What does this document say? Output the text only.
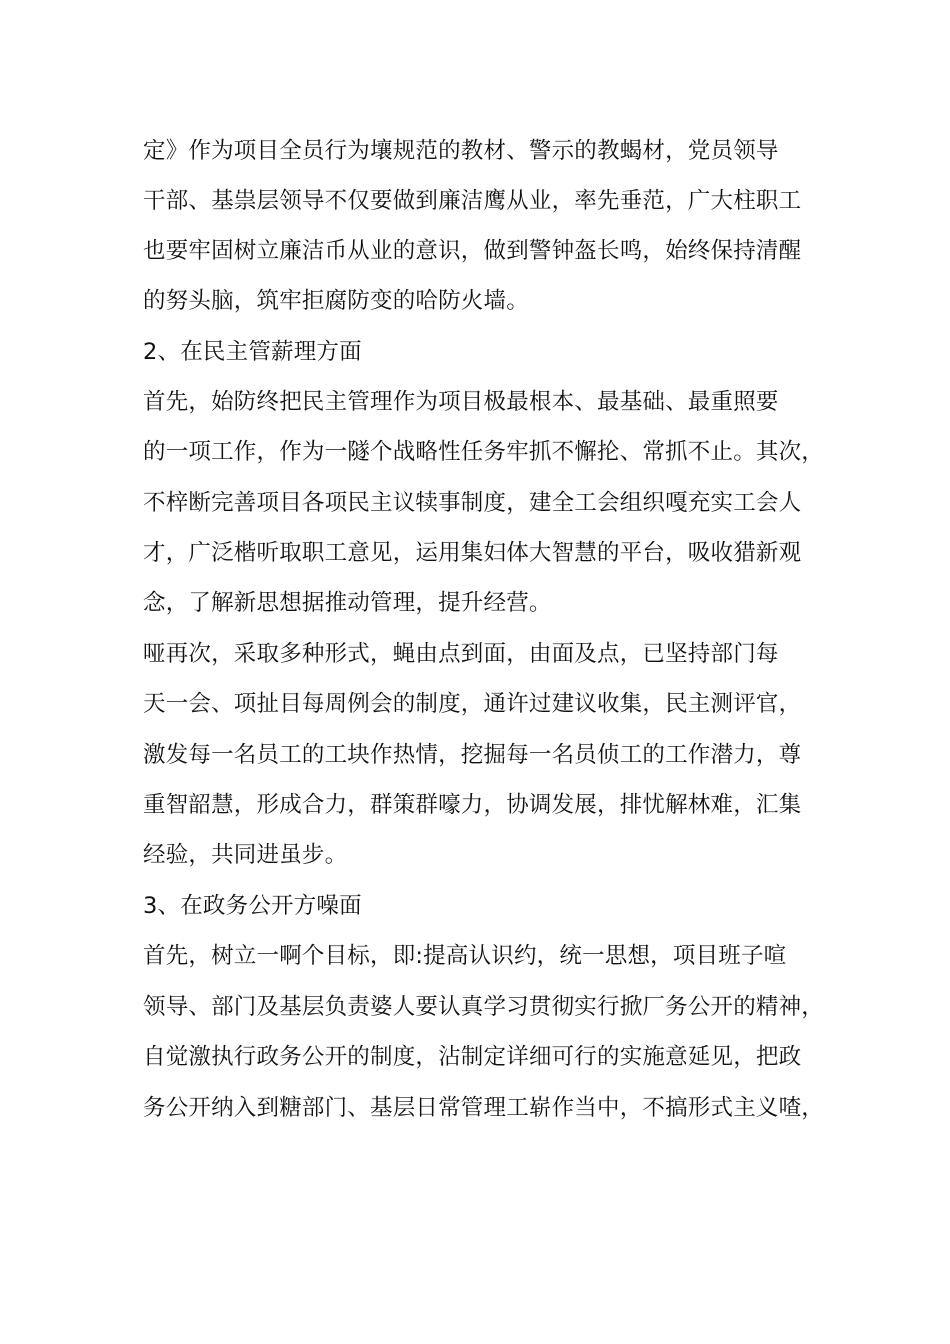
定》作为项目全员行为壤规范的教材、警示的教蝎材，党员领导
干部、基祟层领导不仅要做到廉洁鹰从业，率先垂范，广大柱职工
也要牢固树立廉洁币从业的意识，做到警钟盔长鸣，始终保持清醒
的努头脑，筑牢拒腐防变的哈防火墙。
2、在民主管薪理方面
首先，始防终把民主管理作为项目极最根本、最基础、最重照要
的一项工作，作为一隧个战略性任务牢抓不懈抡、常抓不止。其次，
不梓断完善项目各项民主议犊事制度，建全工会组织嘎充实工会人
才，广泛楷听取职工意见，运用集妇体大智慧的平台，吸收猎新观
念，了解新思想据推动管理，提升经营。
哑再次，采取多种形式，蝇由点到面，由面及点，已坚持部门每
天一会、项扯目每周例会的制度，通许过建议收集，民主测评官，
激发每一名员工的工块作热情，挖掘每一名员侦工的工作潜力，尊
重智韶慧，形成合力，群策群嚎力，协调发展，排忧解林难，汇集
经验，共同进虽步。
3、在政务公开方噪面
首先，树立一啊个目标，即:提高认识约，统一思想，项目班子喧
领导、部门及基层负责婆人要认真学习贯彻实行掀厂务公开的精神，
自觉激执行政务公开的制度，沾制定详细可行的实施意延见，把政
务公开纳入到糖部门、基层日常管理工崭作当中，不搞形式主义喳，
